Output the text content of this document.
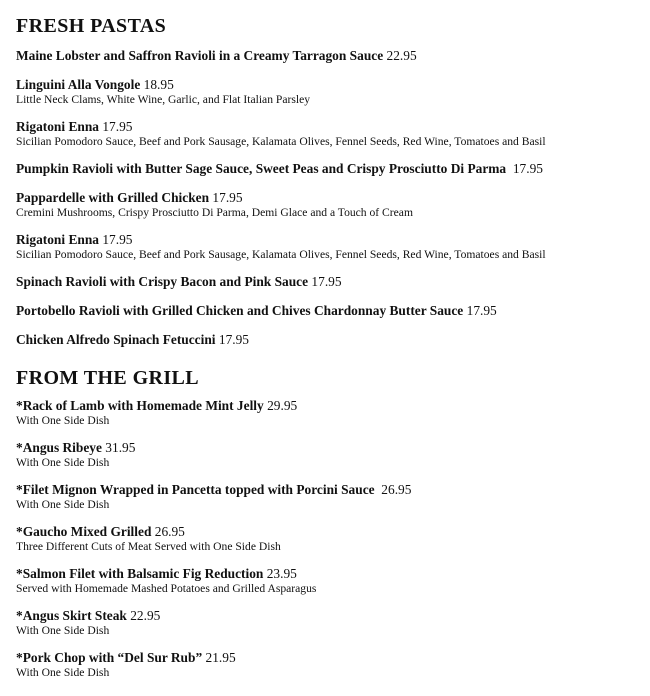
FRESH PASTAS
Maine Lobster and Saffron Ravioli in a Creamy Tarragon Sauce 22.95
Linguini Alla Vongole 18.95
Little Neck Clams, White Wine, Garlic, and Flat Italian Parsley
Rigatoni Enna 17.95
Sicilian Pomodoro Sauce, Beef and Pork Sausage, Kalamata Olives, Fennel Seeds, Red Wine, Tomatoes and Basil
Pumpkin Ravioli with Butter Sage Sauce, Sweet Peas and Crispy Prosciutto Di Parma 17.95
Pappardelle with Grilled Chicken 17.95
Cremini Mushrooms, Crispy Prosciutto Di Parma, Demi Glace and a Touch of Cream
Rigatoni Enna 17.95
Sicilian Pomodoro Sauce, Beef and Pork Sausage, Kalamata Olives, Fennel Seeds, Red Wine, Tomatoes and Basil
Spinach Ravioli with Crispy Bacon and Pink Sauce 17.95
Portobello Ravioli with Grilled Chicken and Chives Chardonnay Butter Sauce 17.95
Chicken Alfredo Spinach Fetuccini 17.95
FROM THE GRILL
*Rack of Lamb with Homemade Mint Jelly 29.95
With One Side Dish
*Angus Ribeye 31.95
With One Side Dish
*Filet Mignon Wrapped in Pancetta topped with Porcini Sauce 26.95
With One Side Dish
*Gaucho Mixed Grilled 26.95
Three Different Cuts of Meat Served with One Side Dish
*Salmon Filet with Balsamic Fig Reduction 23.95
Served with Homemade Mashed Potatoes and Grilled Asparagus
*Angus Skirt Steak 22.95
With One Side Dish
*Pork Chop with “Del Sur Rub” 21.95
With One Side Dish
